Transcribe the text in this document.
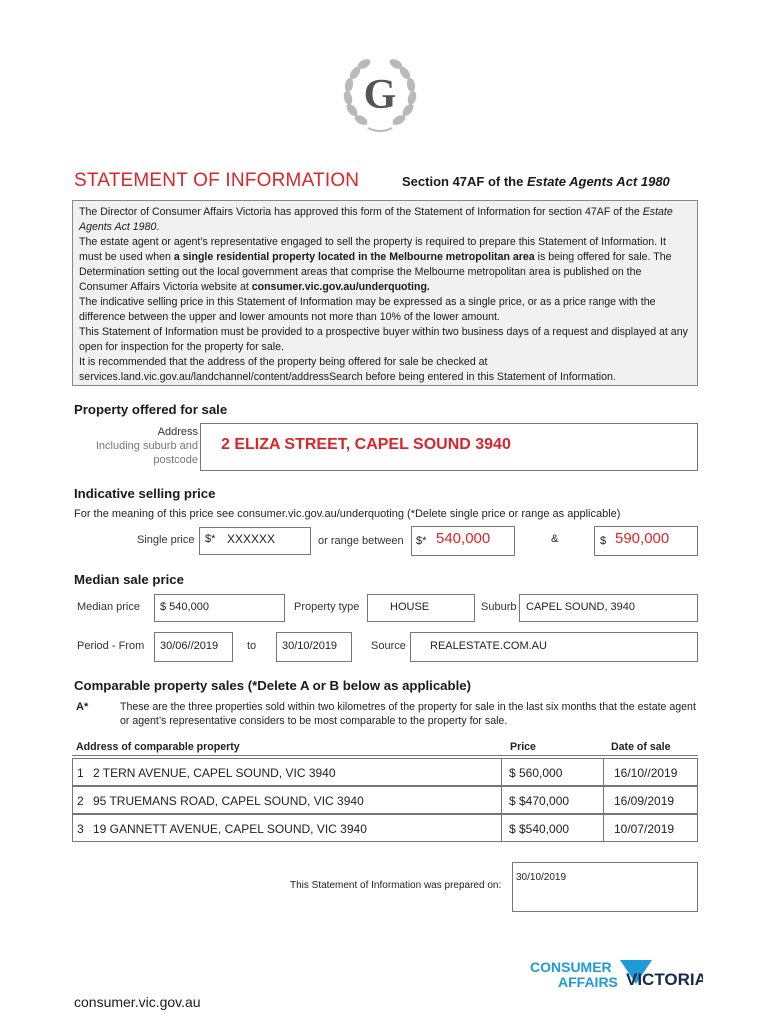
G
STATEMENT OF INFORMATION	Section 47AF of the Estate Agents Act 1980

The Director of Consumer Affairs Victoria has approved this form of the Statement of Information for section 47AF of the Estate Agents Act 1980.

The estate agent or agent’s representative engaged to sell the property is required to prepare this Statement of Information. It must be used when a single residential property located in the Melbourne metropolitan area is being offered for sale. The Determination setting out the local government areas that comprise the Melbourne metropolitan area is published on the Consumer Affairs Victoria website at consumer.vic.gov.au/underquoting.

The indicative selling price in this Statement of Information may be expressed as a single price, or as a price range with the difference between the upper and lower amounts not more than 10% of the lower amount.

This Statement of Information must be provided to a prospective buyer within two business days of a request and displayed at any open for inspection for the property for sale.

It is recommended that the address of the property being offered for sale be checked at services.land.vic.gov.au/landchannel/content/addressSearch before being entered in this Statement of Information.

Property offered for sale
Address
Including suburb and
postcode
2 ELIZA STREET, CAPEL SOUND 3940
Indicative selling price
For the meaning of this price see consumer.vic.gov.au/underquoting (*Delete single price or range as applicable)
Single price $* XXXXXX	or range between $* 540,000	&	$ 590,000
Median sale price
Median price $ 540,000	Property type	HOUSE	Suburb CAPEL SOUND, 3940
Period - From 30/06//2019	to 30/10/2019	Source REALESTATE.COM.AU
Comparable property sales (*Delete A or B below as applicable)
A*	These are the three properties sold within two kilometres of the property for sale in the last six months that the estate agent or agent’s representative considers to be most comparable to the property for sale.
Address of comparable property	Price	Date of sale
1 2 TERN AVENUE, CAPEL SOUND, VIC 3940	$ 560,000	16/10//2019
2 95 TRUEMANS ROAD, CAPEL SOUND, VIC 3940	$ $470,000	16/09/2019
3 19 GANNETT AVENUE, CAPEL SOUND, VIC 3940	$ $540,000	10/07/2019
This Statement of Information was prepared on:
30/10/2019
CONSUMER
AFFAIRS VICTORIA
consumer.vic.gov.au
